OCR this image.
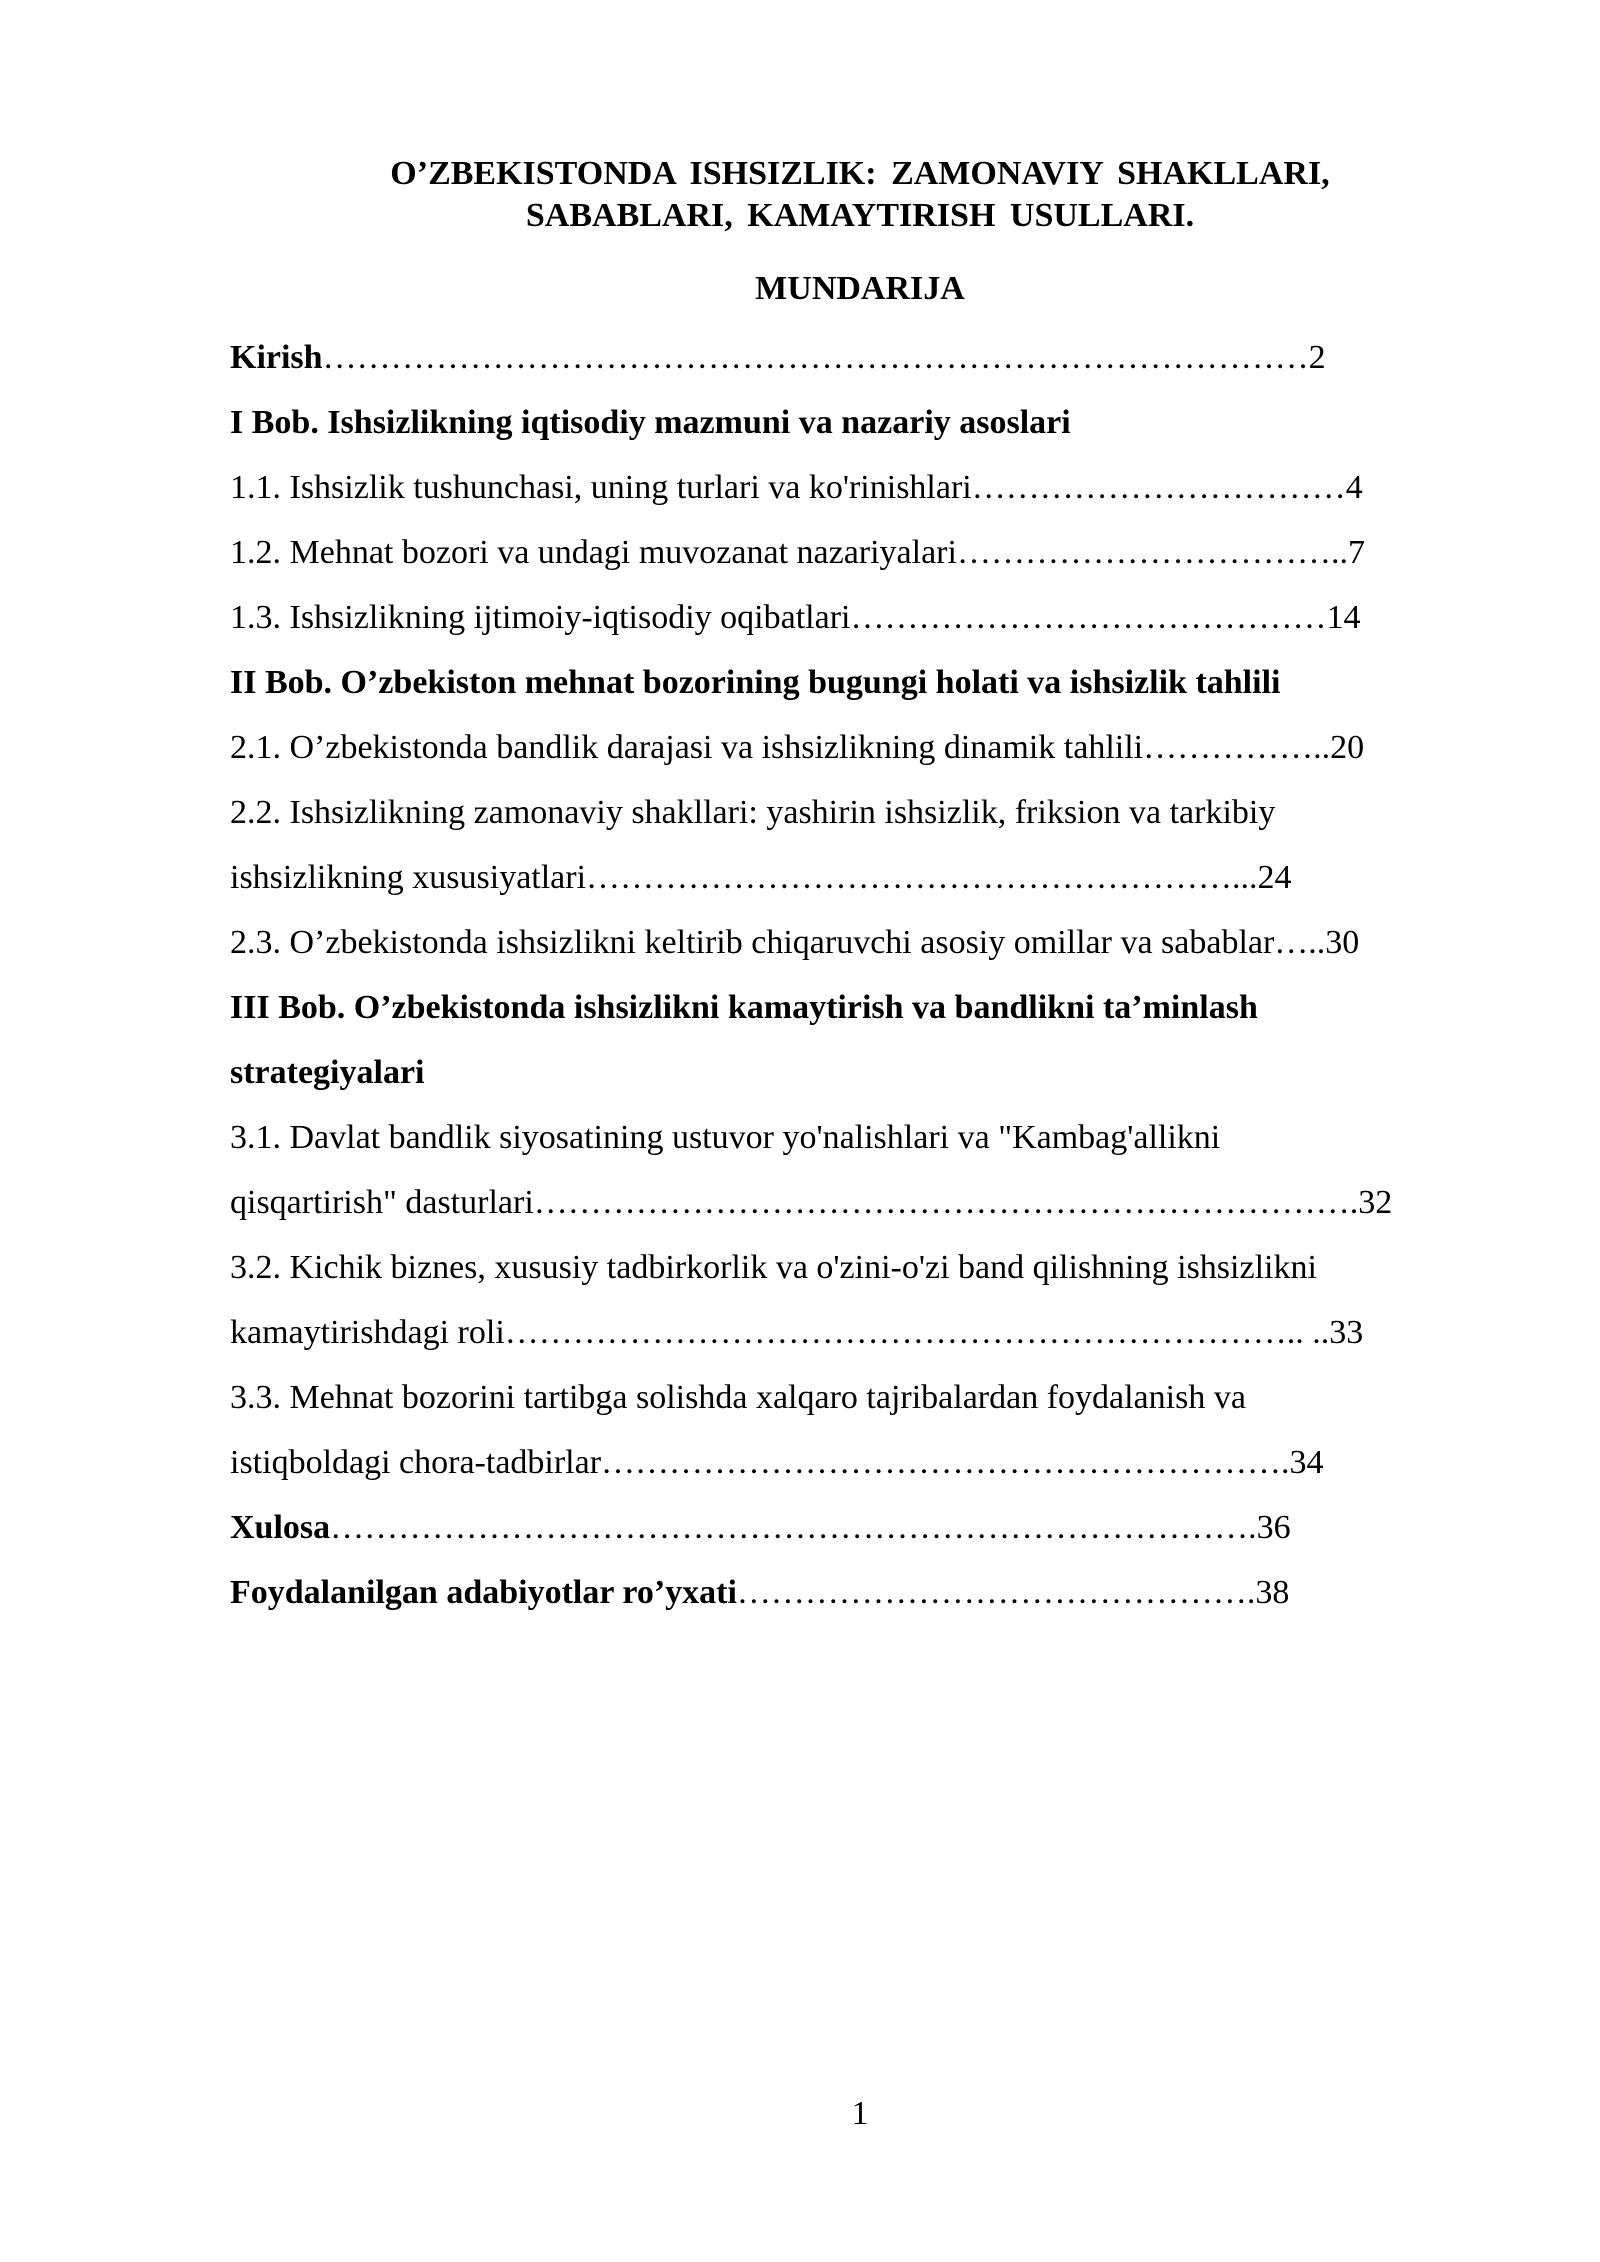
O’ZBEKISTONDA ISHSIZLIK: ZAMONAVIY SHAKLLARI,
SABABLARI, KAMAYTIRISH USULLARI.
MUNDARIJA
Kirish……………………………………………………………………………2
I Bob. Ishsizlikning iqtisodiy mazmuni va nazariy asoslari
1.1. Ishsizlik tushunchasi, uning turlari va ko'rinishlari……………………………4
1.2. Mehnat bozori va undagi muvozanat nazariyalari……………………………..7
1.3. Ishsizlikning ijtimoiy-iqtisodiy oqibatlari……………………………………14
II Bob. O’zbekiston mehnat bozorining bugungi holati va ishsizlik tahlili
2.1. O’zbekistonda bandlik darajasi va ishsizlikning dinamik tahlili……………..20
2.2. Ishsizlikning zamonaviy shakllari: yashirin ishsizlik, friksion va tarkibiy
ishsizlikning xususiyatlari…………………………………………………...24
2.3. O’zbekistonda ishsizlikni keltirib chiqaruvchi asosiy omillar va sabablar…..30
III Bob. O’zbekistonda ishsizlikni kamaytirish va bandlikni ta’minlash
strategiyalari
3.1. Davlat bandlik siyosatining ustuvor yo'nalishlari va "Kambag'allikni
qisqartirish" dasturlari……………………………………………………………….32
3.2. Kichik biznes, xususiy tadbirkorlik va o'zini-o'zi band qilishning ishsizlikni
kamaytirishdagi roli…………………………………………………………….. ..33
3.3. Mehnat bozorini tartibga solishda xalqaro tajribalardan foydalanish va
istiqboldagi chora-tadbirlar…………………………………………………….34
Xulosa……………………………………………………………………….36
Foydalanilgan adabiyotlar ro’yxati……………………………………….38
1
